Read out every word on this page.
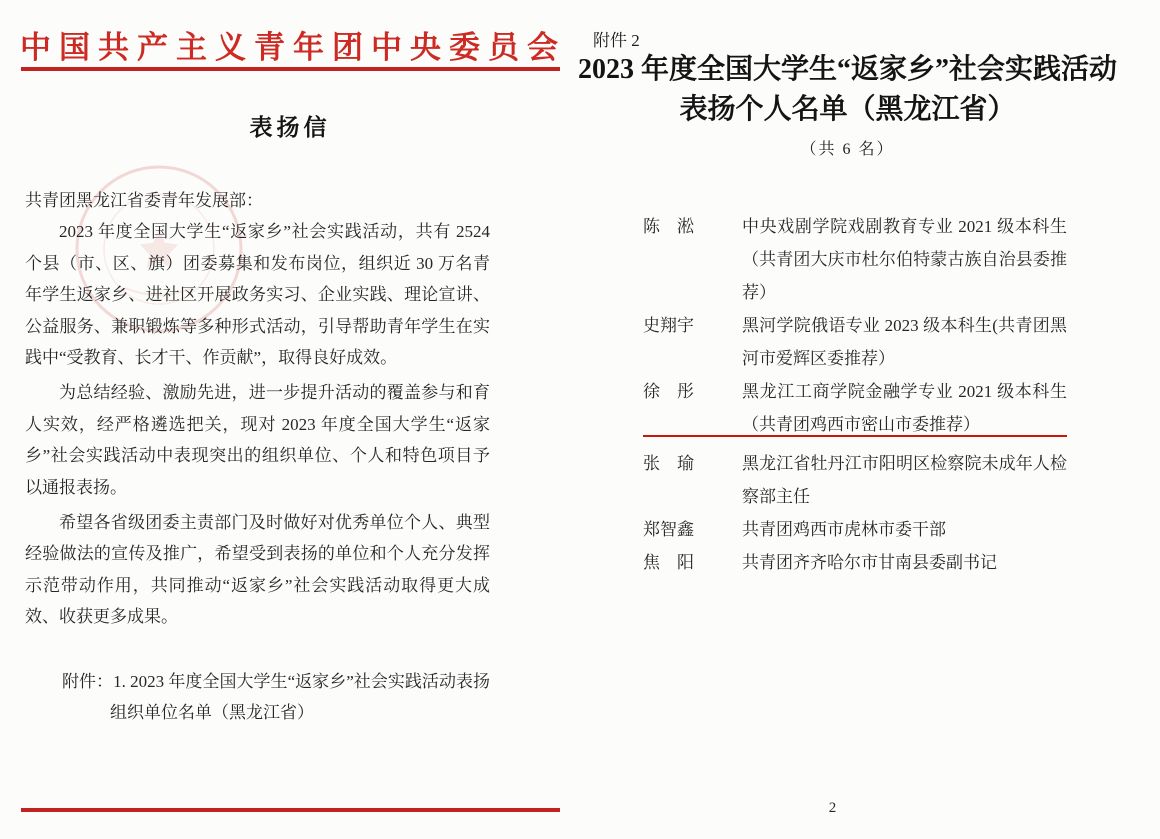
中国共产主义青年团中央委员会
表扬信

共青团黑龙江省委青年发展部：

2023 年度全国大学生“返家乡”社会实践活动，共有 2524 个县（市、区、旗）团委募集和发布岗位，组织近 30 万名青年学生返家乡、进社区开展政务实习、企业实践、理论宣讲、公益服务、兼职锻炼等多种形式活动，引导帮助青年学生在实践中“受教育、长才干、作贡献”，取得良好成效。

为总结经验、激励先进，进一步提升活动的覆盖参与和育人实效，经严格遴选把关，现对 2023 年度全国大学生“返家乡”社会实践活动中表现突出的组织单位、个人和特色项目予以通报表扬。

希望各省级团委主责部门及时做好对优秀单位个人、典型经验做法的宣传及推广，希望受到表扬的单位和个人充分发挥示范带动作用，共同推动“返家乡”社会实践活动取得更大成效、收获更多成果。

附件：1. 2023 年度全国大学生“返家乡”社会实践活动表扬组织单位名单（黑龙江省）

附件 2
2023 年度全国大学生“返家乡”社会实践活动
表扬个人名单（黑龙江省）
（共 6 名）
陈　淞	中央戏剧学院戏剧教育专业 2021 级本科生（共青团大庆市杜尔伯特蒙古族自治县委推荐）
史翔宇	黑河学院俄语专业 2023 级本科生(共青团黑河市爱辉区委推荐）
徐　彤	黑龙江工商学院金融学专业 2021 级本科生（共青团鸡西市密山市委推荐）
张　瑜	黑龙江省牡丹江市阳明区检察院未成年人检察部主任
郑智鑫	共青团鸡西市虎林市委干部
焦　阳	共青团齐齐哈尔市甘南县委副书记
2
